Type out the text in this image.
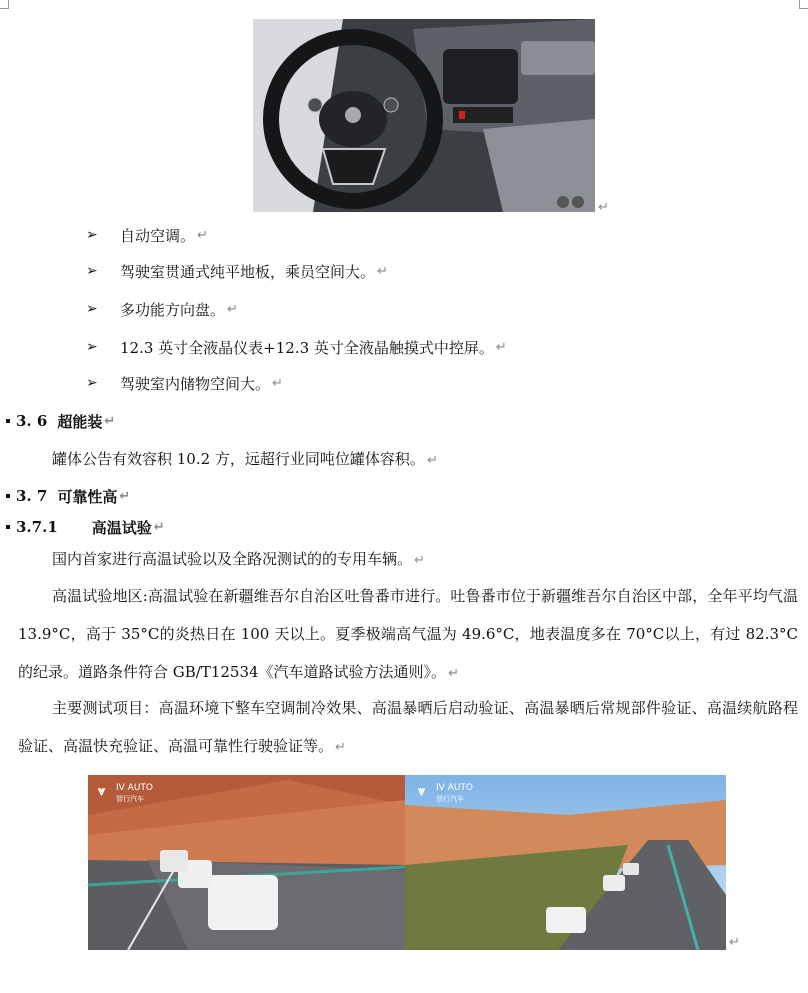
↵
➢	自动空调。 ↵
➢	驾驶室贯通式纯平地板，乘员空间大。 ↵
➢	多功能方向盘。 ↵
➢	12.3 英寸全液晶仪表+12.3 英寸全液晶触摸式中控屏。 ↵
➢	驾驶室内储物空间大。 ↵
3. 6 超能装 ↵

罐体公告有效容积 10.2 方，远超行业同吨位罐体容积。 ↵

3. 7 可靠性高 ↵
3.7.1 高温试验 ↵

国内首家进行高温试验以及全路况测试的的专用车辆。 ↵

高温试验地区:高温试验在新疆维吾尔自治区吐鲁番市进行。吐鲁番市位于新疆维吾尔自治区中部，全年平均气温 13.9°C，高于 35°C的炎热日在 100 天以上。夏季极端高气温为 49.6°C，地表温度多在 70°C以上，有过 82.3°C的纪录。道路条件符合 GB/T12534《汽车道路试验方法通则》。 ↵

主要测试项目：高温环境下整车空调制冷效果、高温暴晒后启动验证、高温暴晒后常规部件验证、高温续航路程验证、高温快充验证、高温可靠性行驶验证等。 ↵

⩔	⩔
IV AUTO
智行汽车
IV AUTO
智行汽车
↵
